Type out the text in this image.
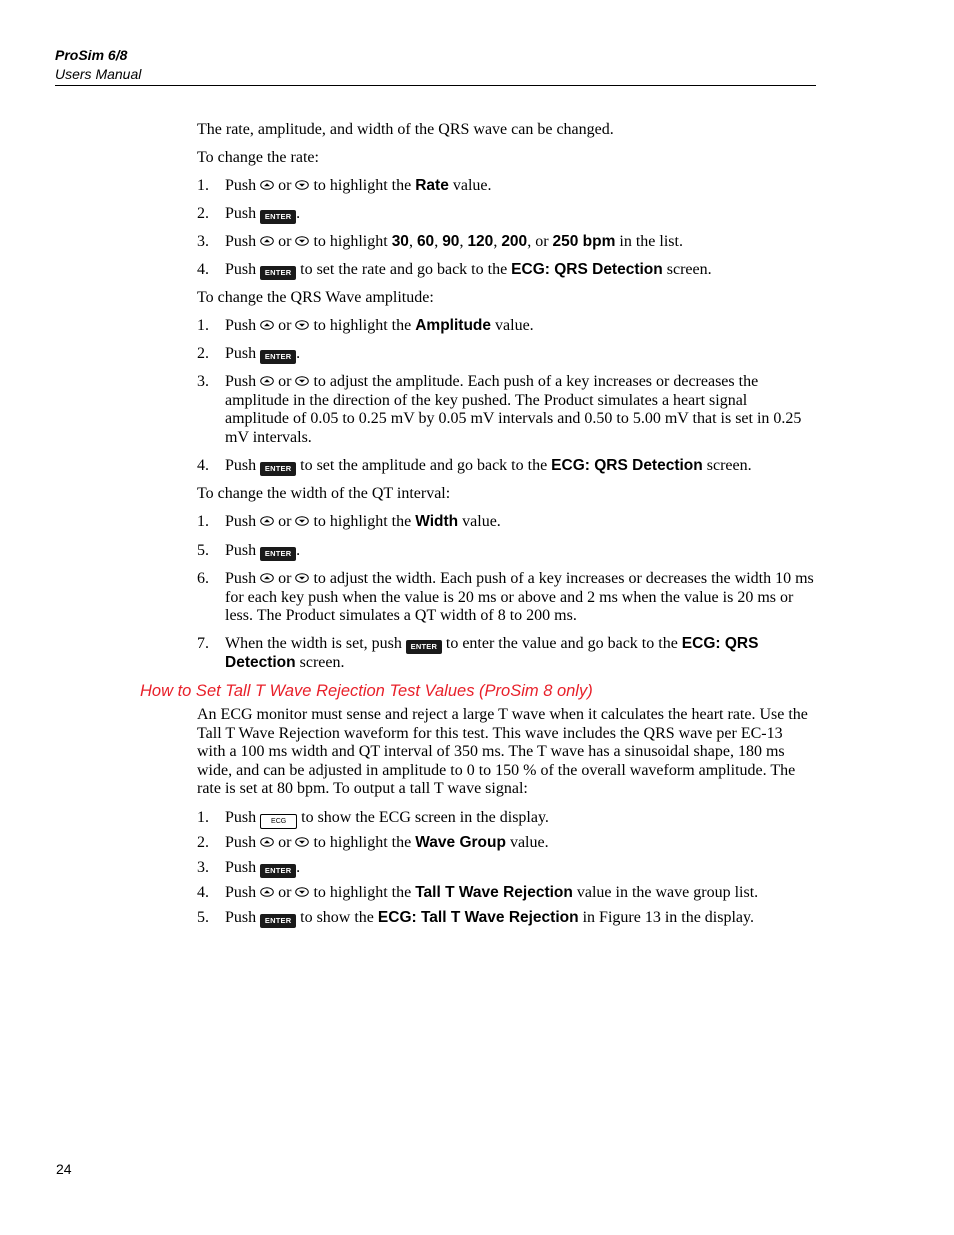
ProSim 6/8
Users Manual

The rate, amplitude, and width of the QRS wave can be changed.

To change the rate:

1. Push or to highlight the Rate value.
2. Push ENTER .
3. Push or to highlight 30, 60, 90, 120, 200, or 250 bpm in the list.
4. Push ENTER to set the rate and go back to the ECG: QRS Detection screen.

To change the QRS Wave amplitude:

1. Push or to highlight the Amplitude value.
2. Push ENTER .
3. Push or to adjust the amplitude. Each push of a key increases or decreases the amplitude in the direction of the key pushed. The Product simulates a heart signal amplitude of 0.05 to 0.25 mV by 0.05 mV intervals and 0.50 to 5.00 mV that is set in 0.25 mV intervals.
4. Push ENTER to set the amplitude and go back to the ECG: QRS Detection screen.

To change the width of the QT interval:

1. Push or to highlight the Width value.
5. Push ENTER .
6. Push or to adjust the width. Each push of a key increases or decreases the width 10 ms for each key push when the value is 20 ms or above and 2 ms when the value is 20 ms or less. The Product simulates a QT width of 8 to 200 ms.
7. When the width is set, push ENTER to enter the value and go back to the ECG: QRS Detection screen.
How to Set Tall T Wave Rejection Test Values (ProSim 8 only)

An ECG monitor must sense and reject a large T wave when it calculates the heart rate. Use the Tall T Wave Rejection waveform for this test. This wave includes the QRS wave per EC-13 with a 100 ms width and QT interval of 350 ms. The T wave has a sinusoidal shape, 180 ms wide, and can be adjusted in amplitude to 0 to 150 % of the overall waveform amplitude. The rate is set at 80 bpm. To output a tall T wave signal:

1. Push ECG to show the ECG screen in the display.
2. Push or to highlight the Wave Group value.
3. Push ENTER .
4. Push or to highlight the Tall T Wave Rejection value in the wave group list.
5. Push ENTER to show the ECG: Tall T Wave Rejection in Figure 13 in the display.
24
